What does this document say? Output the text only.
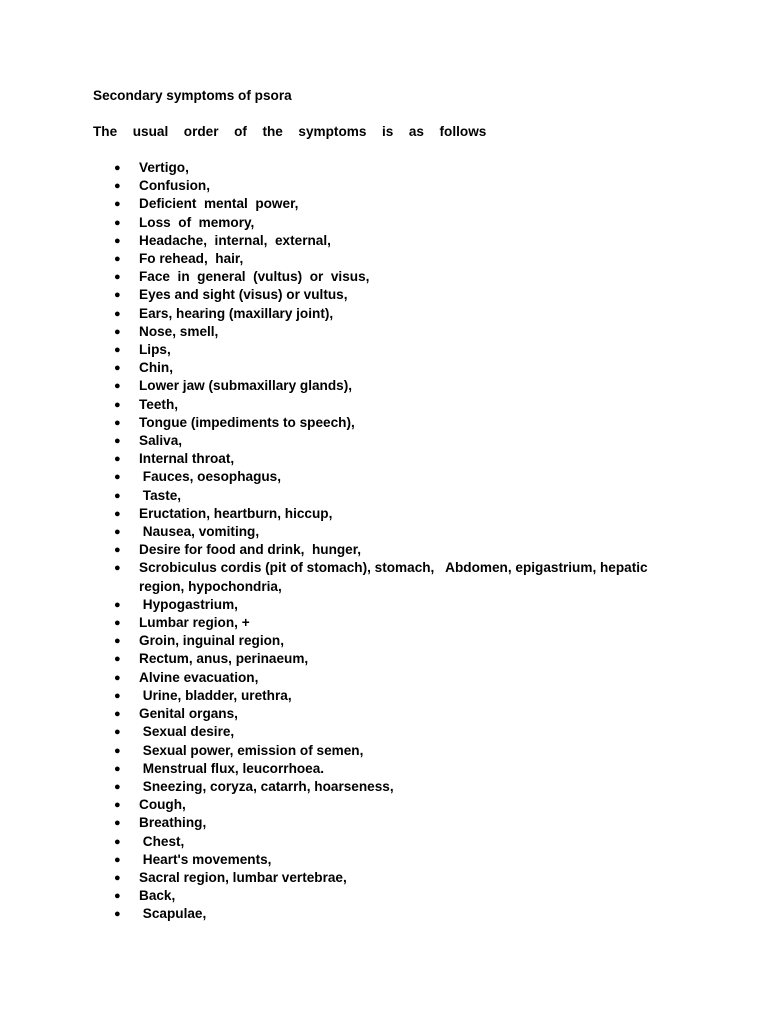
Secondary symptoms of psora
The  usual  order  of  the  symptoms  is  as  follows
● Vertigo,
● Confusion,
● Deficient  mental  power,
● Loss  of  memory,
● Headache,  internal,  external,
● Fo rehead,  hair,
● Face  in  general  (vultus)  or  visus,
● Eyes and sight (visus) or vultus,
● Ears, hearing (maxillary joint),
● Nose, smell,
● Lips,
● Chin,
● Lower jaw (submaxillary glands),
● Teeth,
● Tongue (impediments to speech),
● Saliva,
● Internal throat,
● Fauces, oesophagus,
● Taste,
● Eructation, heartburn, hiccup,
● Nausea, vomiting,
● Desire for food and drink,  hunger,
● Scrobiculus cordis (pit of stomach), stomach,   Abdomen, epigastrium, hepatic region, hypochondria,
● Hypogastrium,
● Lumbar region, +
● Groin, inguinal region,
● Rectum, anus, perinaeum,
● Alvine evacuation,
● Urine, bladder, urethra,
● Genital organs,
● Sexual desire,
● Sexual power, emission of semen,
● Menstrual flux, leucorrhoea.
● Sneezing, coryza, catarrh, hoarseness,
● Cough,
● Breathing,
● Chest,
● Heart's movements,
● Sacral region, lumbar vertebrae,
● Back,
● Scapulae,
